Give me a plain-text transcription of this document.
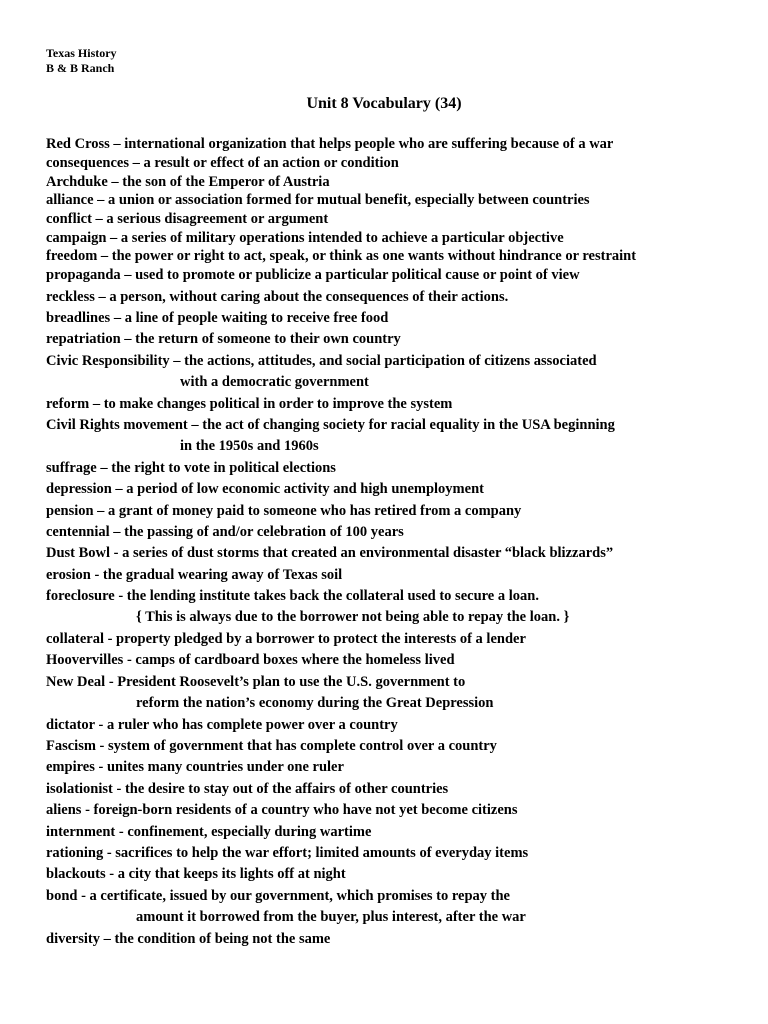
Texas History
B & B Ranch
Unit 8 Vocabulary (34)
Red Cross – international organization that helps people who are suffering because of a war
consequences – a result or effect of an action or condition
Archduke – the son of the Emperor of Austria
alliance – a union or association formed for mutual benefit, especially between countries
conflict – a serious disagreement or argument
campaign – a series of military operations intended to achieve a particular objective
freedom – the power or right to act, speak, or think as one wants without hindrance or restraint
propaganda – used to promote or publicize a particular political cause or point of view
reckless – a person, without caring about the consequences of their actions.
breadlines – a line of people waiting to receive free food
repatriation – the return of someone to their own country
Civic Responsibility – the actions, attitudes, and social participation of citizens associated
with a democratic government
reform – to make changes political in order to improve the system
Civil Rights movement – the act of changing society for racial equality in the USA beginning
in the 1950s and 1960s
suffrage – the right to vote in political elections
depression – a period of low economic activity and high unemployment
pension – a grant of money paid to someone who has retired from a company
centennial – the passing of and/or celebration of 100 years
Dust Bowl - a series of dust storms that created an environmental disaster “black blizzards”
erosion - the gradual wearing away of Texas soil
foreclosure - the lending institute takes back the collateral used to secure a loan.
{ This is always due to the borrower not being able to repay the loan. }
collateral - property pledged by a borrower to protect the interests of a lender
Hoovervilles - camps of cardboard boxes where the homeless lived
New Deal - President Roosevelt’s plan to use the U.S. government to
reform the nation’s economy during the Great Depression
dictator - a ruler who has complete power over a country
Fascism - system of government that has complete control over a country
empires - unites many countries under one ruler
isolationist - the desire to stay out of the affairs of other countries
aliens - foreign-born residents of a country who have not yet become citizens
internment - confinement, especially during wartime
rationing - sacrifices to help the war effort; limited amounts of everyday items
blackouts - a city that keeps its lights off at night
bond - a certificate, issued by our government, which promises to repay the
amount it borrowed from the buyer, plus interest, after the war
diversity – the condition of being not the same
